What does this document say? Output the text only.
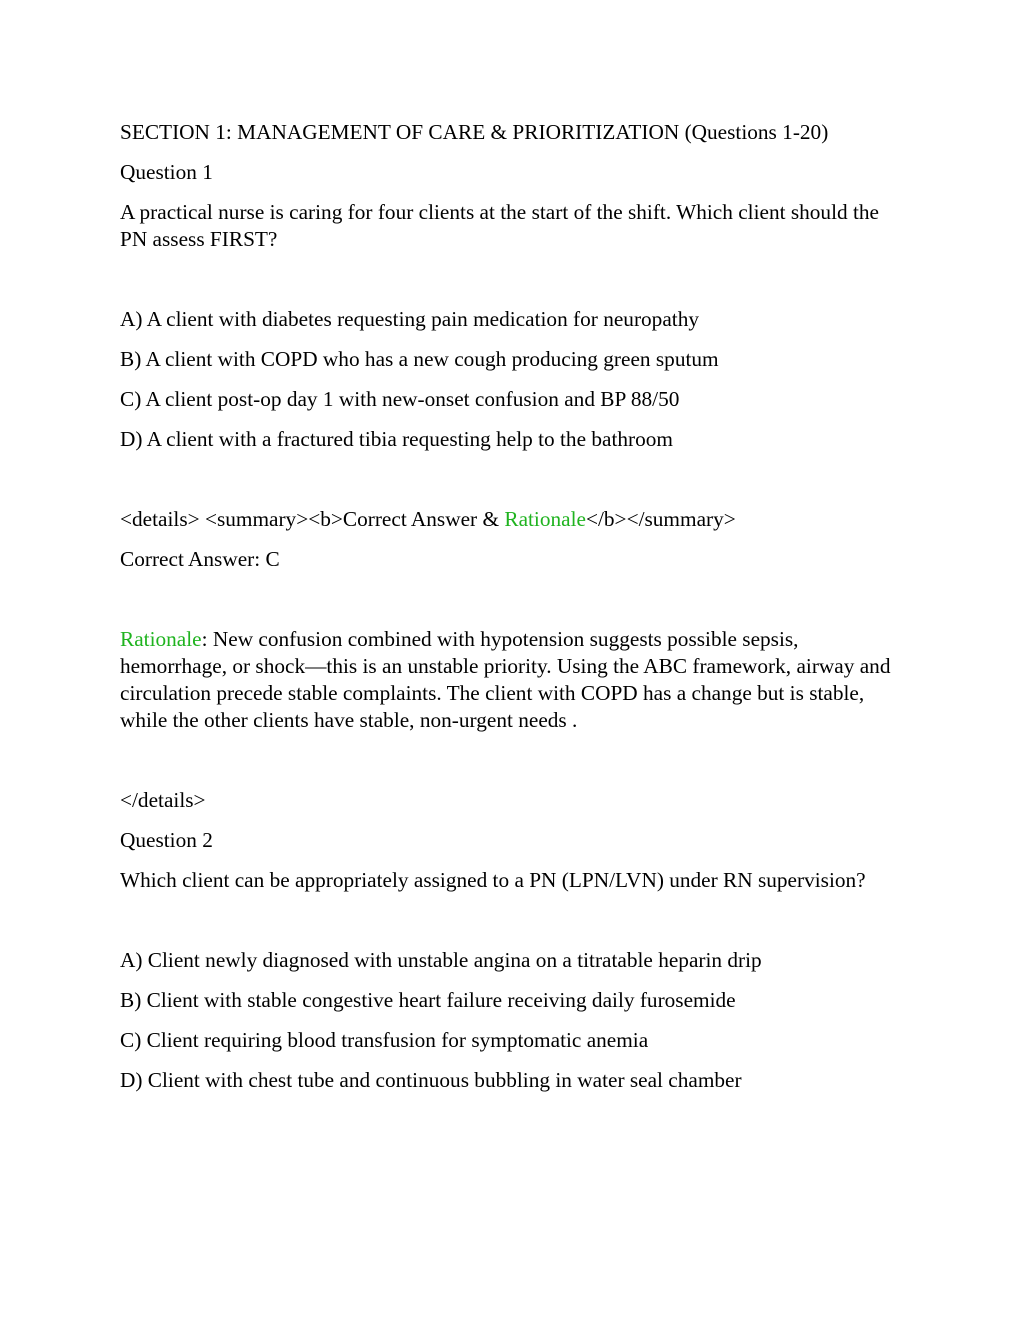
SECTION 1: MANAGEMENT OF CARE & PRIORITIZATION (Questions 1-20)

Question 1

A practical nurse is caring for four clients at the start of the shift. Which client should the PN assess FIRST?

A) A client with diabetes requesting pain medication for neuropathy

B) A client with COPD who has a new cough producing green sputum

C) A client post-op day 1 with new-onset confusion and BP 88/50

D) A client with a fractured tibia requesting help to the bathroom

<details> <summary><b>Correct Answer & Rationale</b></summary>

Correct Answer: C

Rationale: New confusion combined with hypotension suggests possible sepsis, hemorrhage, or shock—this is an unstable priority. Using the ABC framework, airway and circulation precede stable complaints. The client with COPD has a change but is stable, while the other clients have stable, non-urgent needs .

</details>

Question 2

Which client can be appropriately assigned to a PN (LPN/LVN) under RN supervision?

A) Client newly diagnosed with unstable angina on a titratable heparin drip

B) Client with stable congestive heart failure receiving daily furosemide

C) Client requiring blood transfusion for symptomatic anemia

D) Client with chest tube and continuous bubbling in water seal chamber
